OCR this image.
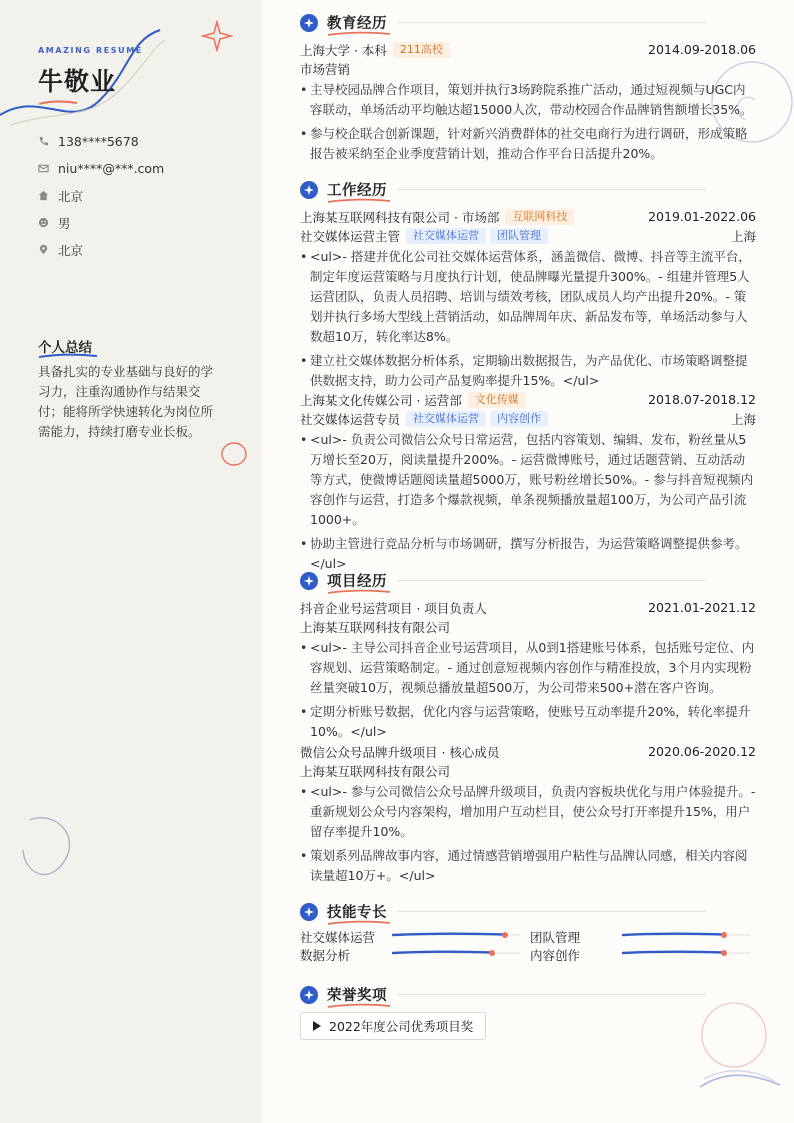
AMAZING RESUME
牛敬业
138****5678
niu****@***.com
北京
男
北京
个人总结
具备扎实的专业基础与良好的学习力，注重沟通协作与结果交付；能将所学快速转化为岗位所需能力，持续打磨专业长板。
教育经历
上海大学 · 本科	211高校	2014.09-2018.06
市场营销
• 主导校园品牌合作项目，策划并执行3场跨院系推广活动，通过短视频与UGC内容联动，单场活动平均触达超15000人次，带动校园合作品牌销售额增长35%。
• 参与校企联合创新课题，针对新兴消费群体的社交电商行为进行调研，形成策略报告被采纳至企业季度营销计划，推动合作平台日活提升20%。
工作经历
上海某互联网科技有限公司 · 市场部	互联网科技	2019.01-2022.06
社交媒体运营主管	社交媒体运营	团队管理	上海
• <ul>- 搭建并优化公司社交媒体运营体系，涵盖微信、微博、抖音等主流平台，制定年度运营策略与月度执行计划，使品牌曝光量提升300%。- 组建并管理5人运营团队，负责人员招聘、培训与绩效考核，团队成员人均产出提升20%。- 策划并执行多场大型线上营销活动，如品牌周年庆、新品发布等，单场活动参与人数超10万，转化率达8%。
• 建立社交媒体数据分析体系，定期输出数据报告，为产品优化、市场策略调整提供数据支持，助力公司产品复购率提升15%。</ul>
上海某文化传媒公司 · 运营部	文化传媒	2018.07-2018.12
社交媒体运营专员	社交媒体运营	内容创作	上海
• <ul>- 负责公司微信公众号日常运营，包括内容策划、编辑、发布，粉丝量从5万增长至20万，阅读量提升200%。- 运营微博账号，通过话题营销、互动活动等方式，使微博话题阅读量超5000万，账号粉丝增长50%。- 参与抖音短视频内容创作与运营，打造多个爆款视频，单条视频播放量超100万，为公司产品引流1000+。
• 协助主管进行竞品分析与市场调研，撰写分析报告，为运营策略调整提供参考。</ul>
项目经历
抖音企业号运营项目 · 项目负责人	2021.01-2021.12
上海某互联网科技有限公司
• <ul>- 主导公司抖音企业号运营项目，从0到1搭建账号体系，包括账号定位、内容规划、运营策略制定。- 通过创意短视频内容创作与精准投放，3个月内实现粉丝量突破10万，视频总播放量超500万，为公司带来500+潜在客户咨询。
• 定期分析账号数据，优化内容与运营策略，使账号互动率提升20%，转化率提升10%。</ul>
微信公众号品牌升级项目 · 核心成员	2020.06-2020.12
上海某互联网科技有限公司
• <ul>- 参与公司微信公众号品牌升级项目，负责内容板块优化与用户体验提升。- 重新规划公众号内容架构，增加用户互动栏目，使公众号打开率提升15%，用户留存率提升10%。
• 策划系列品牌故事内容，通过情感营销增强用户粘性与品牌认同感，相关内容阅读量超10万+。</ul>
技能专长
社交媒体运营	团队管理
数据分析	内容创作
荣誉奖项
2022年度公司优秀项目奖
